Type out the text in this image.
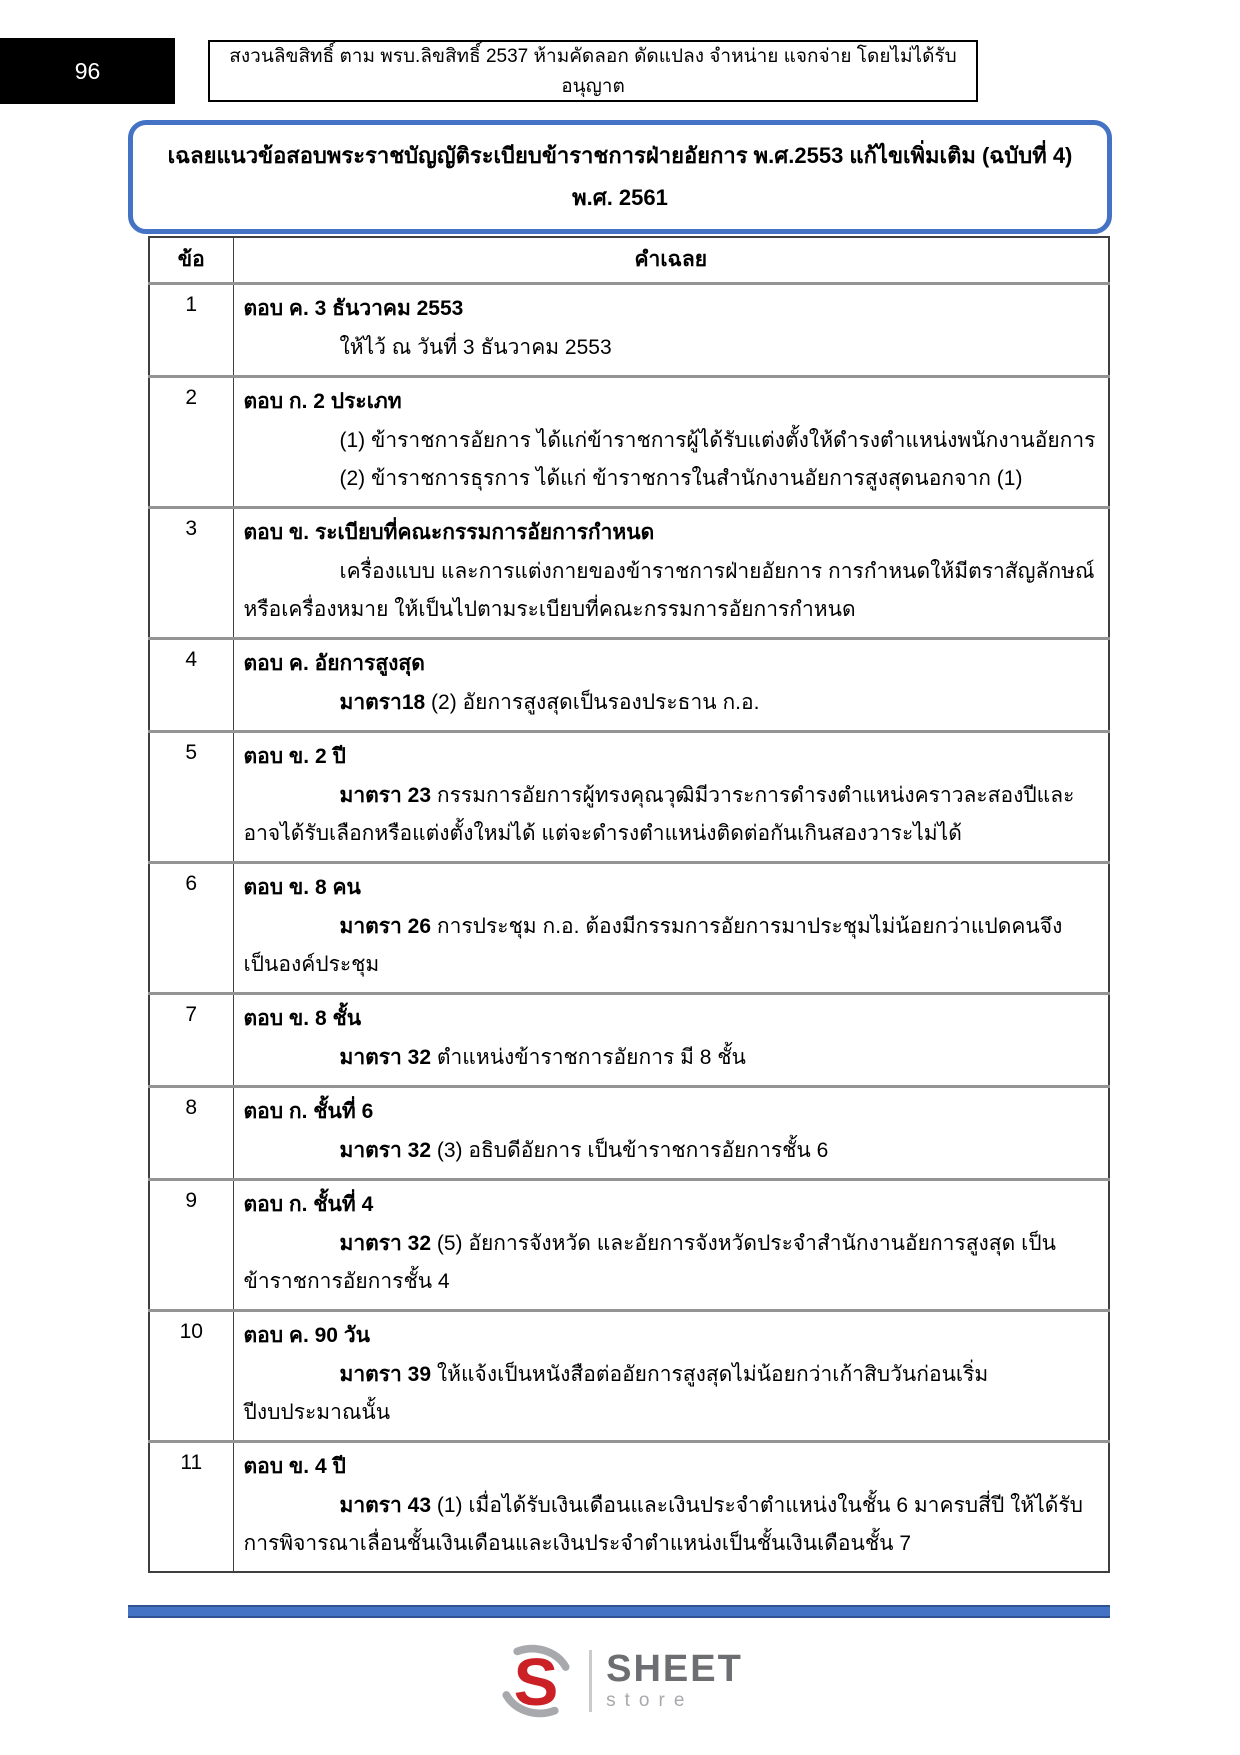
96
สงวนลิขสิทธิ์ ตาม พรบ.ลิขสิทธิ์ 2537 ห้ามคัดลอก ดัดแปลง จำหน่าย แจกจ่าย โดยไม่ได้รับอนุญาต
เฉลยแนวข้อสอบพระราชบัญญัติระเบียบข้าราชการฝ่ายอัยการ พ.ศ.2553 แก้ไขเพิ่มเติม (ฉบับที่ 4)
พ.ศ. 2561
ข้อ	คำเฉลย
1	ตอบ ค. 3 ธันวาคม 2553
ให้ไว้ ณ วันที่ 3 ธันวาคม 2553

2	ตอบ ก. 2 ประเภท
(1) ข้าราชการอัยการ ได้แก่ข้าราชการผู้ได้รับแต่งตั้งให้ดำรงตำแหน่งพนักงานอัยการ
(2) ข้าราชการธุรการ ได้แก่ ข้าราชการในสำนักงานอัยการสูงสุดนอกจาก (1)

3	ตอบ ข. ระเบียบที่คณะกรรมการอัยการกำหนด
เครื่องแบบ และการแต่งกายของข้าราชการฝ่ายอัยการ การกำหนดให้มีตราสัญลักษณ์ หรือเครื่องหมาย ให้เป็นไปตามระเบียบที่คณะกรรมการอัยการกำหนด

4	ตอบ ค. อัยการสูงสุด
มาตรา18 (2) อัยการสูงสุดเป็นรองประธาน ก.อ.

5	ตอบ ข. 2 ปี
มาตรา 23 กรรมการอัยการผู้ทรงคุณวุฒิมีวาระการดำรงตำแหน่งคราวละสองปีและอาจได้รับเลือกหรือแต่งตั้งใหม่ได้ แต่จะดำรงตำแหน่งติดต่อกันเกินสองวาระไม่ได้

6	ตอบ ข. 8 คน
มาตรา 26 การประชุม ก.อ. ต้องมีกรรมการอัยการมาประชุมไม่น้อยกว่าแปดคนจึงเป็นองค์ประชุม

7	ตอบ ข. 8 ชั้น
มาตรา 32 ตำแหน่งข้าราชการอัยการ มี 8 ชั้น

8	ตอบ ก. ชั้นที่ 6
มาตรา 32 (3) อธิบดีอัยการ เป็นข้าราชการอัยการชั้น 6

9	ตอบ ก. ชั้นที่ 4
มาตรา 32 (5) อัยการจังหวัด และอัยการจังหวัดประจำสำนักงานอัยการสูงสุด เป็นข้าราชการอัยการชั้น 4

10	ตอบ ค. 90 วัน
มาตรา 39 ให้แจ้งเป็นหนังสือต่ออัยการสูงสุดไม่น้อยกว่าเก้าสิบวันก่อนเริ่มปีงบประมาณนั้น

11	ตอบ ข. 4 ปี
มาตรา 43 (1) เมื่อได้รับเงินเดือนและเงินประจำตำแหน่งในชั้น 6 มาครบสี่ปี ให้ได้รับการพิจารณาเลื่อนชั้นเงินเดือนและเงินประจำตำแหน่งเป็นชั้นเงินเดือนชั้น 7
S SHEET
store
